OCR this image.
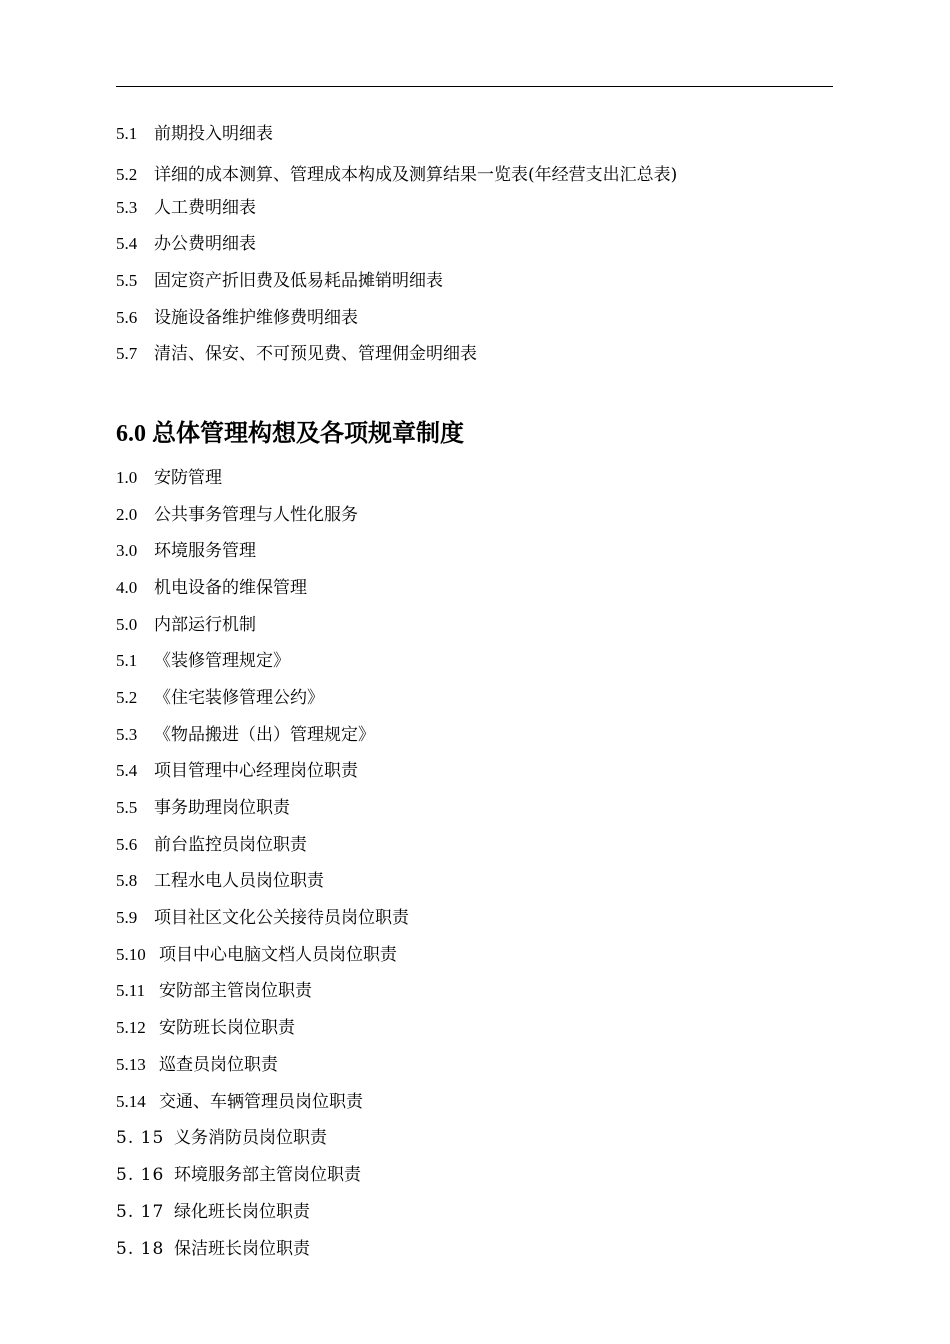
5.1 前期投入明细表
5.2 详细的成本测算、管理成本构成及测算结果一览表(年经营支出汇总表)
5.3 人工费明细表
5.4 办公费明细表
5.5 固定资产折旧费及低易耗品摊销明细表
5.6 设施设备维护维修费明细表
5.7 清洁、保安、不可预见费、管理佣金明细表
6.0 总体管理构想及各项规章制度
1.0 安防管理
2.0 公共事务管理与人性化服务
3.0 环境服务管理
4.0 机电设备的维保管理
5.0 内部运行机制
5.1 《装修管理规定》
5.2 《住宅装修管理公约》
5.3 《物品搬进（出）管理规定》
5.4 项目管理中心经理岗位职责
5.5 事务助理岗位职责
5.6 前台监控员岗位职责
5.8 工程水电人员岗位职责
5.9 项目社区文化公关接待员岗位职责
5.10 项目中心电脑文档人员岗位职责
5.11 安防部主管岗位职责
5.12 安防班长岗位职责
5.13 巡查员岗位职责
5.14 交通、车辆管理员岗位职责
5. 15 义务消防员岗位职责
5. 16 环境服务部主管岗位职责
5. 17 绿化班长岗位职责
5. 18 保洁班长岗位职责
